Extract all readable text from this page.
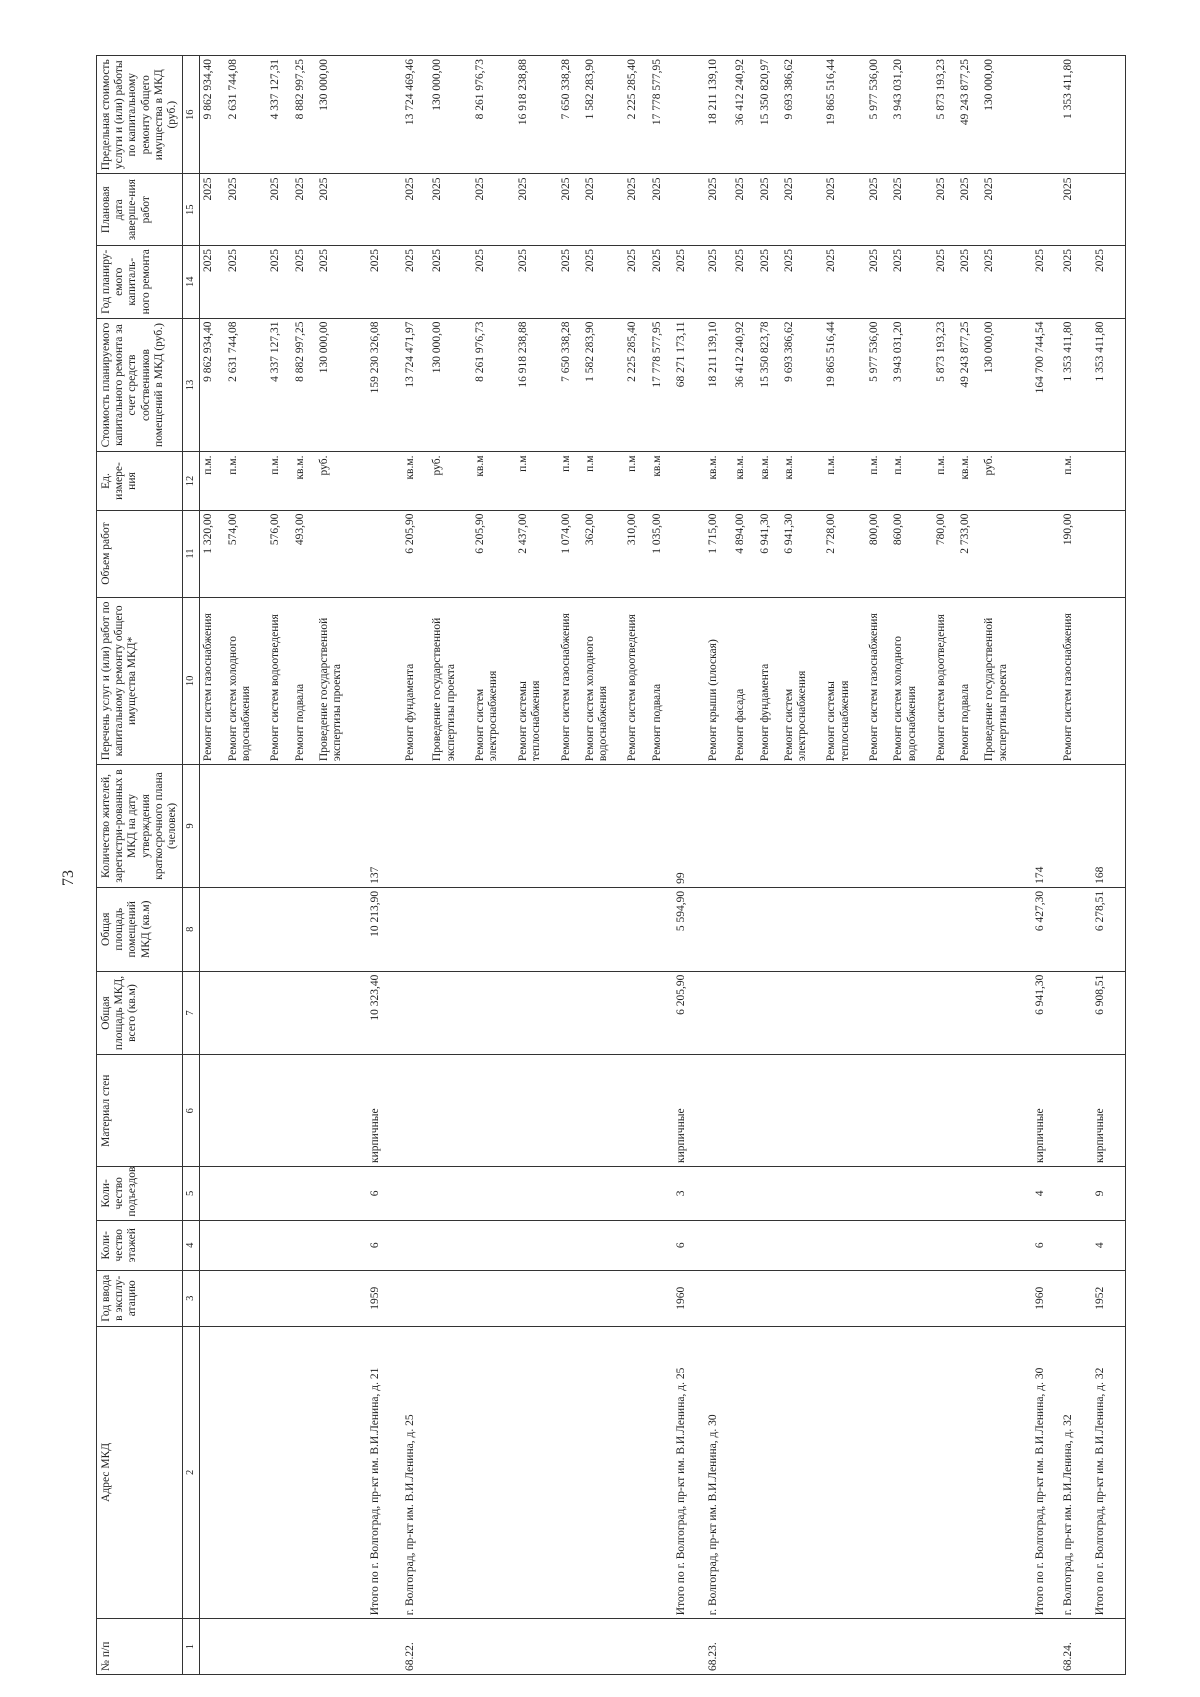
73
№ п/п	Адрес МКД	Год ввода в эксплу-атацию	Коли-чество этажей	Коли-чество подъездов	Материал стен	Общая площадь МКД, всего (кв.м)	Общая площадь помещений МКД (кв.м)	Количество жителей, зарегистри-рованных в МКД на дату утверждения краткосрочного плана (человек)	Перечень услуг и (или) работ по капитальному ремонту общего имущества МКД*	Объем работ	Ед. измере-ния	Стоимость планируемого капитального ремонта за счет средств собственников помещений в МКД (руб.)	Год планиру-емого капиталь-ного ремонта	Плановая дата заверше-ния работ	Предельная стоимость услуги и (или) работы по капитальному ремонту общего имущества в МКД (руб.)
1	2	3	4	5	6	7	8	9	10	11	12	13	14	15	16
									Ремонт систем газоснабжения	1 320,00	п.м.	9 862 934,40	2025	2025	9 862 934,40
									Ремонт систем холодного водоснабжения	574,00	п.м.	2 631 744,08	2025	2025	2 631 744,08
									Ремонт систем водоотведения	576,00	п.м.	4 337 127,31	2025	2025	4 337 127,31
									Ремонт подвала	493,00	кв.м.	8 882 997,25	2025	2025	8 882 997,25
									Проведение государственной экспертизы проекта		руб.	130 000,00	2025	2025	130 000,00
	Итого по г. Волгоград, пр-кт им. В.И.Ленина, д. 21	1959	6	6	кирпичные	10 323,40	10 213,90	137				159 230 326,08	2025		
68.22.	г. Волгоград, пр-кт им. В.И.Ленина, д. 25								Ремонт фундамента	6 205,90	кв.м.	13 724 471,97	2025	2025	13 724 469,46
									Проведение государственной экспертизы проекта		руб.	130 000,00	2025	2025	130 000,00
									Ремонт систем электроснабжения	6 205,90	кв.м	8 261 976,73	2025	2025	8 261 976,73
									Ремонт системы теплоснабжения	2 437,00	п.м	16 918 238,88	2025	2025	16 918 238,88
									Ремонт систем газоснабжения	1 074,00	п.м	7 650 338,28	2025	2025	7 650 338,28
									Ремонт систем холодного водоснабжения	362,00	п.м	1 582 283,90	2025	2025	1 582 283,90
									Ремонт систем водоотведения	310,00	п.м	2 225 285,40	2025	2025	2 225 285,40
									Ремонт подвала	1 035,00	кв.м	17 778 577,95	2025	2025	17 778 577,95
	Итого по г. Волгоград, пр-кт им. В.И.Ленина, д. 25	1960	6	3	кирпичные	6 205,90	5 594,90	99				68 271 173,11	2025		
68.23.	г. Волгоград, пр-кт им. В.И.Ленина, д. 30								Ремонт крыши (плоская)	1 715,00	кв.м.	18 211 139,10	2025	2025	18 211 139,10
									Ремонт фасада	4 894,00	кв.м.	36 412 240,92	2025	2025	36 412 240,92
									Ремонт фундамента	6 941,30	кв.м.	15 350 823,78	2025	2025	15 350 820,97
									Ремонт систем электроснабжения	6 941,30	кв.м.	9 693 386,62	2025	2025	9 693 386,62
									Ремонт системы теплоснабжения	2 728,00	п.м.	19 865 516,44	2025	2025	19 865 516,44
									Ремонт систем газоснабжения	800,00	п.м.	5 977 536,00	2025	2025	5 977 536,00
									Ремонт систем холодного водоснабжения	860,00	п.м.	3 943 031,20	2025	2025	3 943 031,20
									Ремонт систем водоотведения	780,00	п.м.	5 873 193,23	2025	2025	5 873 193,23
									Ремонт подвала	2 733,00	кв.м.	49 243 877,25	2025	2025	49 243 877,25
									Проведение государственной экспертизы проекта		руб.	130 000,00	2025	2025	130 000,00
	Итого по г. Волгоград, пр-кт им. В.И.Ленина, д. 30	1960	6	4	кирпичные	6 941,30	6 427,30	174				164 700 744,54	2025		
68.24.	г. Волгоград, пр-кт им. В.И.Ленина, д. 32								Ремонт систем газоснабжения	190,00	п.м.	1 353 411,80	2025	2025	1 353 411,80
	Итого по г. Волгоград, пр-кт им. В.И.Ленина, д. 32	1952	4	9	кирпичные	6 908,51	6 278,51	168				1 353 411,80	2025		
